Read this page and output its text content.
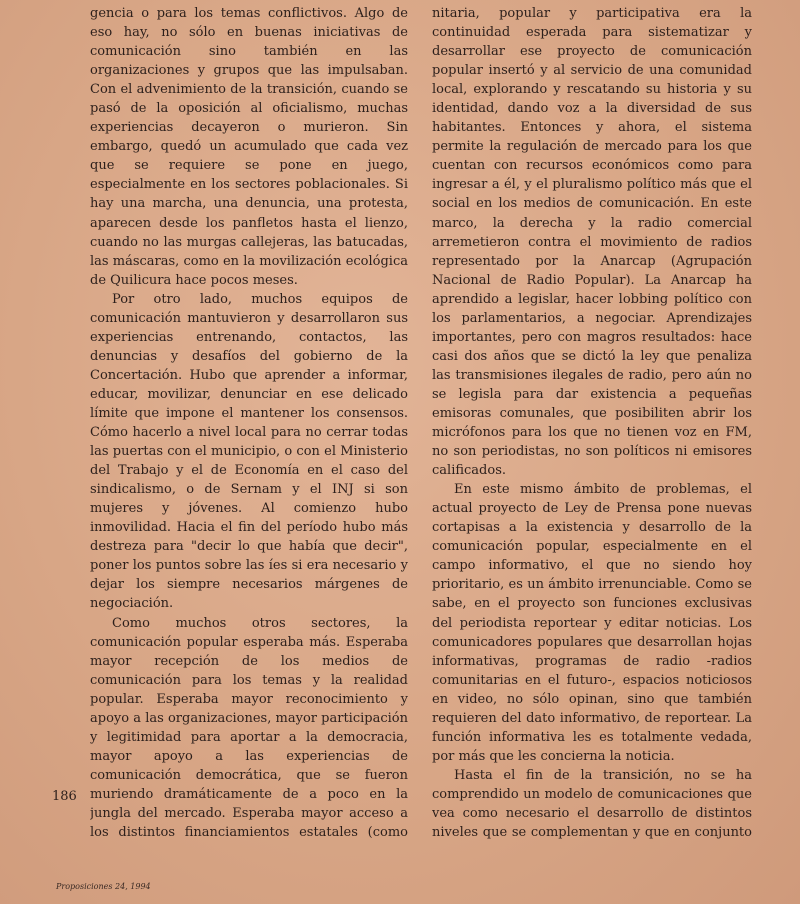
gencia o para los temas conflictivos. Algo de eso hay, no sólo en buenas iniciativas de comunicación sino también en las organizaciones y grupos que las impulsaban. Con el advenimiento de la transición, cuando se pasó de la oposición al oficialismo, muchas experiencias decayeron o murieron. Sin embargo, quedó un acumulado que cada vez que se requiere se pone en juego, especialmente en los sectores poblacionales. Si hay una marcha, una denuncia, una protesta, aparecen desde los panfletos hasta el lienzo, cuando no las murgas callejeras, las batucadas, las máscaras, como en la movilización ecológica de Quilicura hace pocos meses.

Por otro lado, muchos equipos de comunicación mantuvieron y desarrollaron sus experiencias entrenando, contactos, las denuncias y desafíos del gobierno de la Concertación. Hubo que aprender a informar, educar, movilizar, denunciar en ese delicado límite que impone el mantener los consensos. Cómo hacerlo a nivel local para no cerrar todas las puertas con el municipio, o con el Ministerio del Trabajo y el de Economía en el caso del sindicalismo, o de Sernam y el INJ si son mujeres y jóvenes. Al comienzo hubo inmovilidad. Hacia el fin del período hubo más destreza para "decir lo que había que decir", poner los puntos sobre las íes si era necesario y dejar los siempre necesarios márgenes de negociación.

Como muchos otros sectores, la comunicación popular esperaba más. Esperaba mayor recepción de los medios de comunicación para los temas y la realidad popular. Esperaba mayor reconocimiento y apoyo a las organizaciones, mayor participación y legitimidad para aportar a la democracia, mayor apoyo a las experiencias de comunicación democrática, que se fueron muriendo dramáticamente de a poco en la jungla del mercado. Esperaba mayor acceso a los distintos financiamientos estatales (como

nitaria, popular y participativa era la continuidad esperada para sistematizar y desarrollar ese proyecto de comunicación popular insertó y al servicio de una comunidad local, explorando y rescatando su historia y su identidad, dando voz a la diversidad de sus habitantes. Entonces y ahora, el sistema permite la regulación de mercado para los que cuentan con recursos económicos como para ingresar a él, y el pluralismo político más que el social en los medios de comunicación. En este marco, la derecha y la radio comercial arremetieron contra el movimiento de radios representado por la Anarcap (Agrupación Nacional de Radio Popular). La Anarcap ha aprendido a legislar, hacer lobbing político con los parlamentarios, a negociar. Aprendizajes importantes, pero con magros resultados: hace casi dos años que se dictó la ley que penaliza las transmisiones ilegales de radio, pero aún no se legisla para dar existencia a pequeñas emisoras comunales, que posibiliten abrir los micrófonos para los que no tienen voz en FM, no son periodistas, no son políticos ni emisores calificados.

En este mismo ámbito de problemas, el actual proyecto de Ley de Prensa pone nuevas cortapisas a la existencia y desarrollo de la comunicación popular, especialmente en el campo informativo, el que no siendo hoy prioritario, es un ámbito irrenunciable. Como se sabe, en el proyecto son funciones exclusivas del periodista reportear y editar noticias. Los comunicadores populares que desarrollan hojas informativas, programas de radio -radios comunitarias en el futuro-, espacios noticiosos en video, no sólo opinan, sino que también requieren del dato informativo, de reportear. La función informativa les es totalmente vedada, por más que les concierna la noticia.

Hasta el fin de la transición, no se ha comprendido un modelo de comunicaciones que vea como necesario el desarrollo de distintos niveles que se complementan y que en conjunto

186
Proposiciones 24, 1994
